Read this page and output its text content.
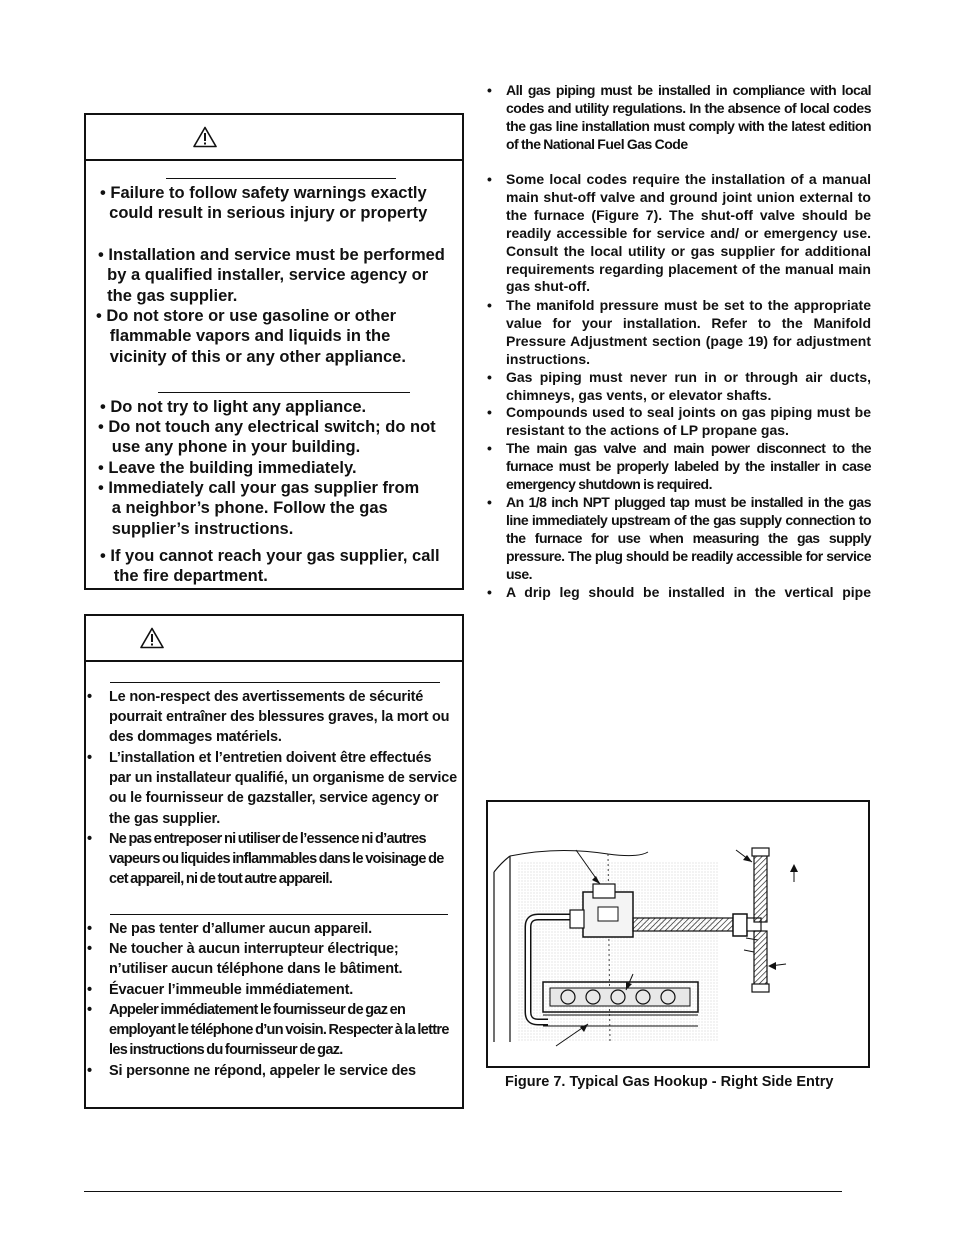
• Failure to follow safety warnings exactly
could result in serious injury or property
• Installation and service must be performed
by a qualified installer, service agency or
the gas supplier.
• Do not store or use gasoline or other
flammable vapors and liquids in the
vicinity of this or any other appliance.
• Do not try to light any appliance.
• Do not touch any electrical switch; do not
use any phone in your building.
• Leave the building immediately.
• Immediately call your gas supplier from
a neighbor’s phone. Follow the gas
supplier’s instructions.
• If you cannot reach your gas supplier, call
the fire department.
• Le non-respect des avertissements de sécurité pourrait entraîner des blessures graves, la mort ou des dommages matériels.
• L’installation et l’entretien doivent être effectués par un installateur qualifié, un organisme de service ou le fournisseur de gazstaller, service agency or the gas supplier.
• Ne pas entreposer ni utiliser de l’essence ni d’autres vapeurs ou liquides inflammables dans le voisinage de cet appareil, ni de tout autre appareil.
• Ne pas tenter d’allumer aucun appareil.
• Ne toucher à aucun interrupteur électrique; n’utiliser aucun téléphone dans le bâtiment.
• Évacuer l’immeuble immédiatement.
• Appeler immédiatement le fournisseur de gaz en employant le téléphone d’un voisin. Respecter à la lettre les instructions du fournisseur de gaz.
• Si personne ne répond, appeler le service des
• All gas piping must be installed in compliance with local codes and utility regulations. In the absence of local codes the gas line installation must comply with the latest edition of the National Fuel Gas Code
• Some local codes require the installation of a manual main shut-off valve and ground joint union external to the furnace (Figure 7). The shut-off valve should be readily accessible for service and/ or emergency use. Consult the local utility or gas supplier for additional requirements regarding placement of the manual main gas shut-off.
• The manifold pressure must be set to the appropriate value for your installation. Refer to the Manifold Pressure Adjustment section (page 19) for adjustment instructions.
• Gas piping must never run in or through air ducts, chimneys, gas vents, or elevator shafts.
• Compounds used to seal joints on gas piping must be resistant to the actions of LP propane gas.
• The main gas valve and main power disconnect to the furnace must be properly labeled by the installer in case emergency shutdown is required.
• An 1/8 inch NPT plugged tap must be installed in the gas line immediately upstream of the gas supply connection to the furnace for use when measuring the gas supply pressure. The plug should be readily accessible for service use.
• A drip leg should be installed in the vertical pipe
Figure 7. Typical Gas Hookup - Right Side Entry
